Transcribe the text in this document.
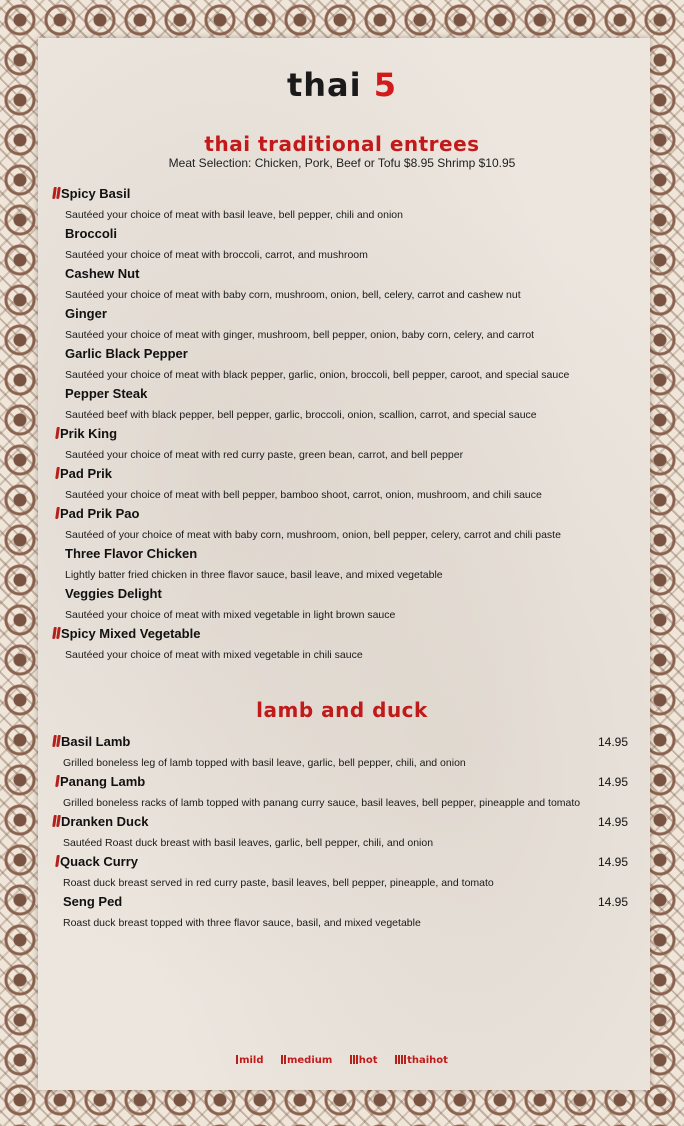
thai 5
thai traditional entrees
Meat Selection: Chicken, Pork, Beef or Tofu $8.95 Shrimp $10.95
Spicy Basil
Sautéed your choice of meat with basil leave, bell pepper, chili and onion
Broccoli
Sautéed your choice of meat with broccoli, carrot, and mushroom
Cashew Nut
Sautéed your choice of meat with baby corn, mushroom, onion, bell, celery, carrot and cashew nut
Ginger
Sautéed your choice of meat with ginger, mushroom, bell pepper, onion, baby corn, celery, and carrot
Garlic Black Pepper
Sautéed your choice of meat with black pepper, garlic, onion, broccoli, bell pepper, caroot, and special sauce
Pepper Steak
Sautéed beef with black pepper, bell pepper, garlic, broccoli, onion, scallion, carrot, and special sauce
Prik King
Sautéed your choice of meat with red curry paste, green bean, carrot, and bell pepper
Pad Prik
Sautéed your choice of meat with bell pepper, bamboo shoot, carrot, onion, mushroom, and chili sauce
Pad Prik Pao
Sautéed of your choice of meat with baby corn, mushroom, onion, bell pepper, celery, carrot and chili paste
Three Flavor Chicken
Lightly batter fried chicken in three flavor sauce, basil leave, and mixed vegetable
Veggies Delight
Sautéed your choice of meat with mixed vegetable in light brown sauce
Spicy Mixed Vegetable
Sautéed your choice of meat with mixed vegetable in chili sauce
lamb and duck
Basil Lamb	14.95
Grilled boneless leg of lamb topped with basil leave, garlic, bell pepper, chili, and onion
Panang Lamb	14.95
Grilled boneless racks of lamb topped with panang curry sauce, basil leaves, bell pepper, pineapple and tomato
Dranken Duck	14.95
Sautéed Roast duck breast with basil leaves, garlic, bell pepper, chili, and onion
Quack Curry	14.95
Roast duck breast served in red curry paste, basil leaves, bell pepper, pineapple, and tomato
Seng Ped	14.95
Roast duck breast topped with three flavor sauce, basil, and mixed vegetable
mild medium	hot	thaihot
